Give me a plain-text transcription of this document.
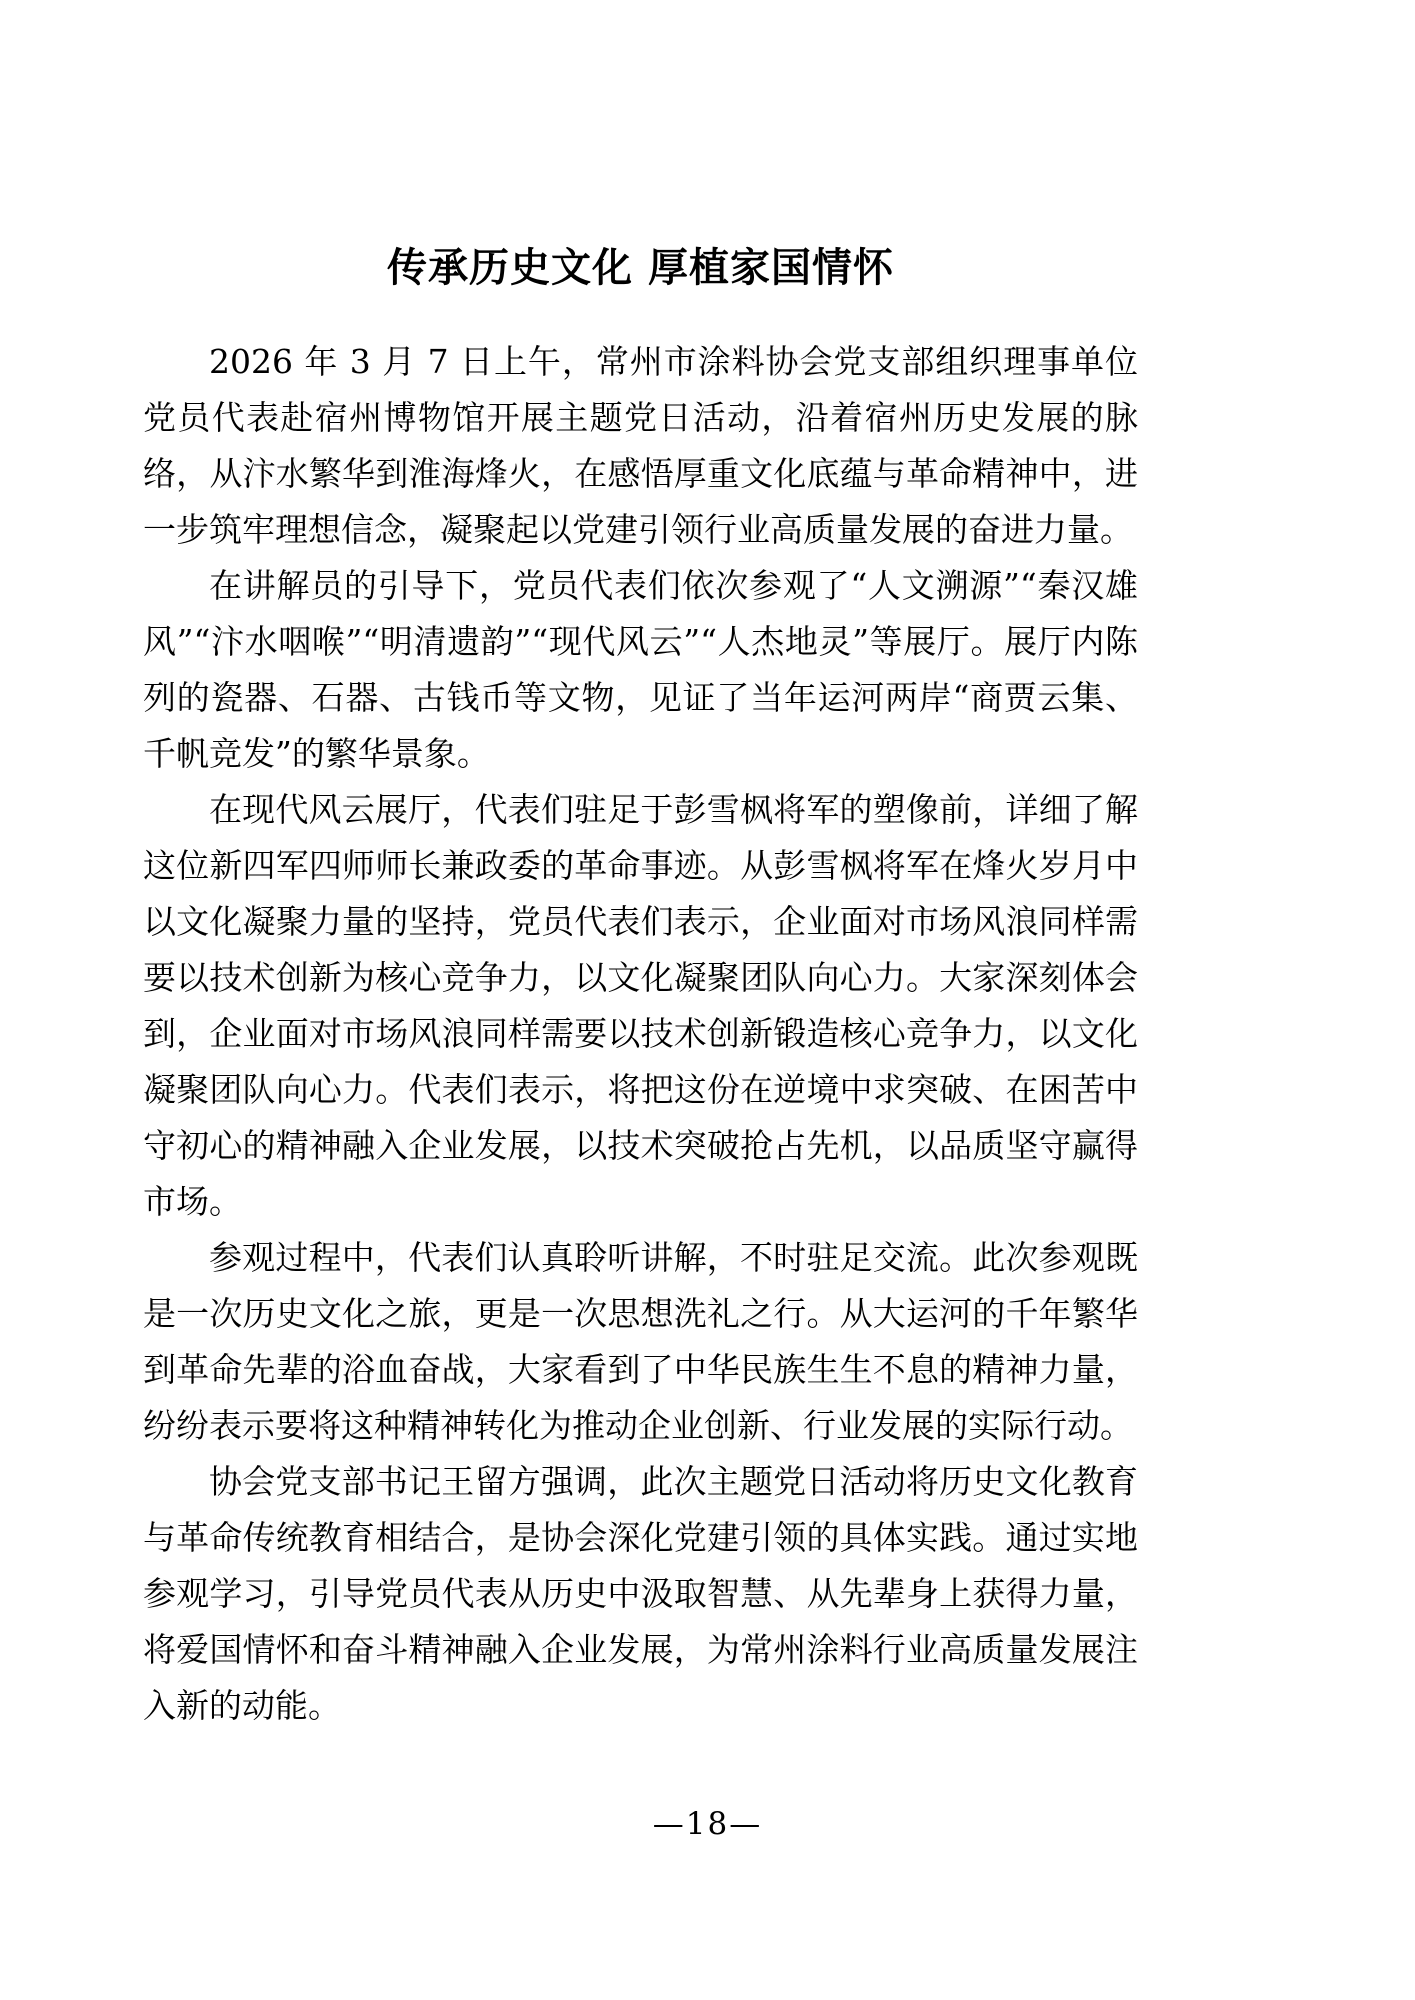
传承历史文化 厚植家国情怀

2026 年 3 月 7 日上午，常州市涂料协会党支部组织理事单位党员代表赴宿州博物馆开展主题党日活动，沿着宿州历史发展的脉络，从汴水繁华到淮海烽火，在感悟厚重文化底蕴与革命精神中，进一步筑牢理想信念，凝聚起以党建引领行业高质量发展的奋进力量。

在讲解员的引导下，党员代表们依次参观了“人文溯源”“秦汉雄风”“汴水咽喉”“明清遗韵”“现代风云”“人杰地灵”等展厅。展厅内陈列的瓷器、石器、古钱币等文物，见证了当年运河两岸“商贾云集、千帆竞发”的繁华景象。

在现代风云展厅，代表们驻足于彭雪枫将军的塑像前，详细了解这位新四军四师师长兼政委的革命事迹。从彭雪枫将军在烽火岁月中以文化凝聚力量的坚持，党员代表们表示，企业面对市场风浪同样需要以技术创新为核心竞争力，以文化凝聚团队向心力。大家深刻体会到，企业面对市场风浪同样需要以技术创新锻造核心竞争力，以文化凝聚团队向心力。代表们表示，将把这份在逆境中求突破、在困苦中守初心的精神融入企业发展，以技术突破抢占先机，以品质坚守赢得市场。

参观过程中，代表们认真聆听讲解，不时驻足交流。此次参观既是一次历史文化之旅，更是一次思想洗礼之行。从大运河的千年繁华到革命先辈的浴血奋战，大家看到了中华民族生生不息的精神力量，纷纷表示要将这种精神转化为推动企业创新、行业发展的实际行动。

协会党支部书记王留方强调，此次主题党日活动将历史文化教育与革命传统教育相结合，是协会深化党建引领的具体实践。通过实地参观学习，引导党员代表从历史中汲取智慧、从先辈身上获得力量，将爱国情怀和奋斗精神融入企业发展，为常州涂料行业高质量发展注入新的动能。

—18—
